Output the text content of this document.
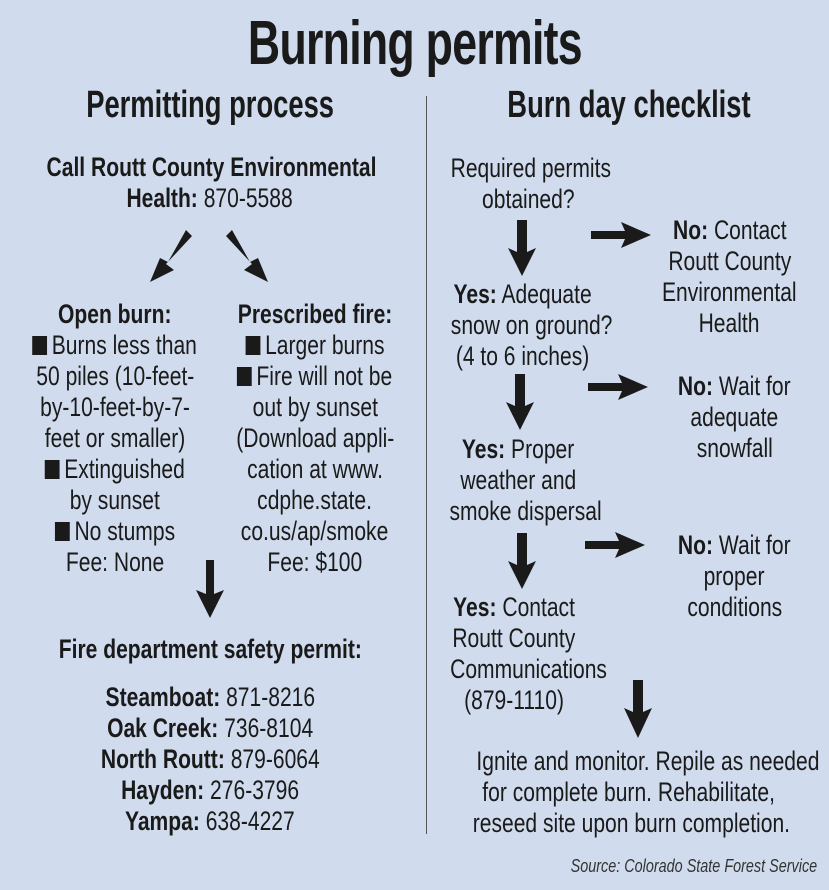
Burning permits
Permitting process	Burn day checklist
Call Routt County Environmental
Health: 870-5588
Open burn:
Burns less than
50 piles (10-feet-
by-10-feet-by-7-
feet or smaller)
Extinguished
by sunset
No stumps
Fee: None
Prescribed fire:
Larger burns
Fire will not be
out by sunset
(Download appli-
cation at www.
cdphe.state.
co.us/ap/smoke
Fee: $100
Fire department safety permit:
Steamboat: 871-8216
Oak Creek: 736-8104
North Routt: 879-6064
Hayden: 276-3796
Yampa: 638-4227
Required permits
obtained?
No: Contact
Routt County
Environmental
Health
Yes: Adequate
snow on ground?
(4 to 6 inches)
No: Wait for
adequate
snowfall
Yes: Proper
weather and
smoke dispersal
No: Wait for
proper
conditions
Yes: Contact
Routt County
Communications
(879-1110)
Ignite and monitor. Repile as needed
for complete burn. Rehabilitate,
reseed site upon burn completion.
Source: Colorado State Forest Service
